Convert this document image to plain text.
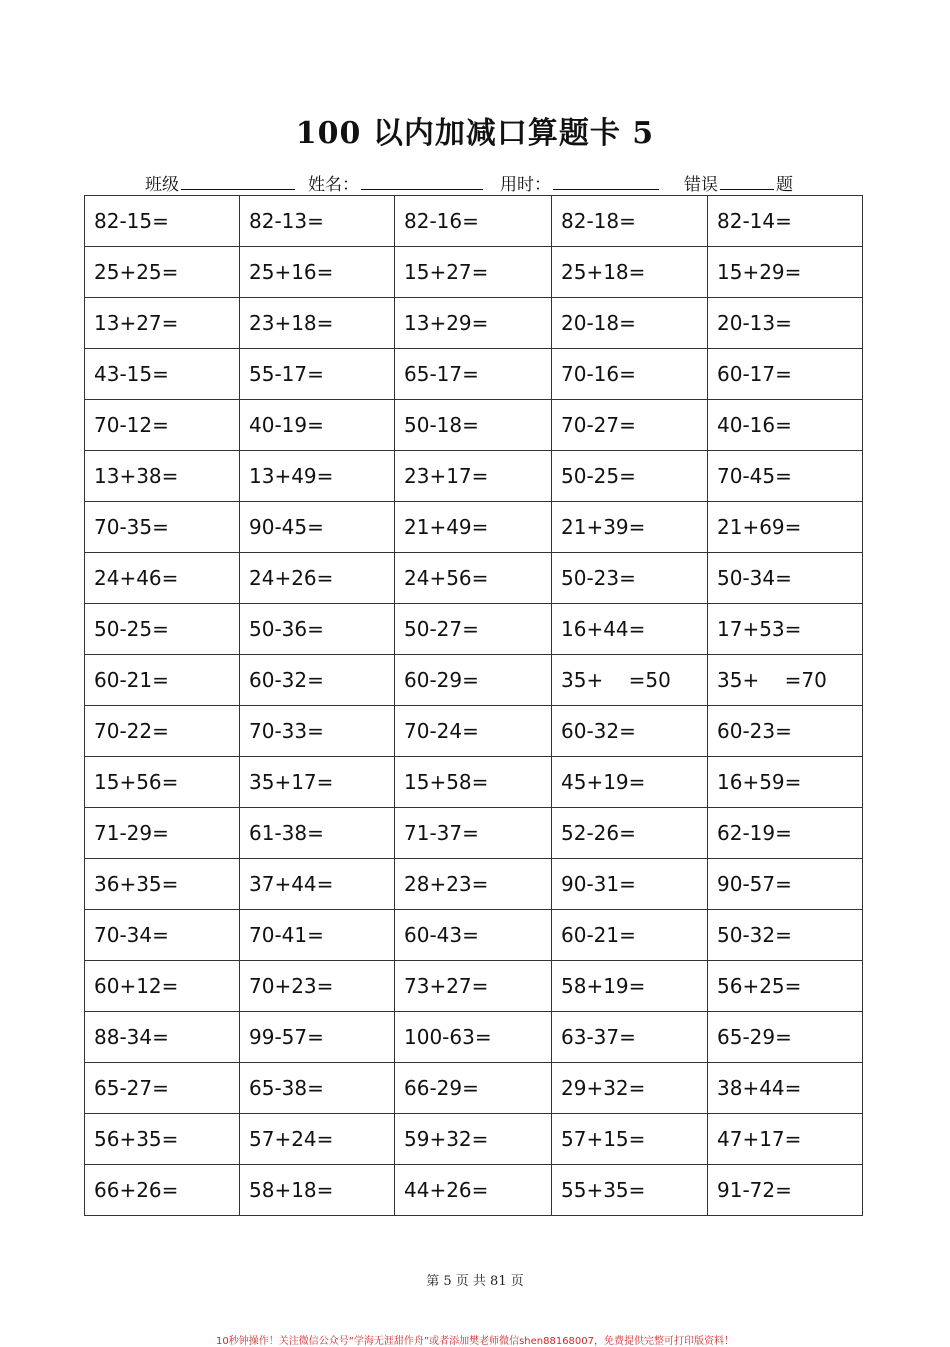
100 以内加减口算题卡 5
班级	姓名：	用时：	错误	题
82-15=	82-13=	82-16=	82-18=	82-14=
25+25=	25+16=	15+27=	25+18=	15+29=
13+27=	23+18=	13+29=	20-18=	20-13=
43-15=	55-17=	65-17=	70-16=	60-17=
70-12=	40-19=	50-18=	70-27=	40-16=
13+38=	13+49=	23+17=	50-25=	70-45=
70-35=	90-45=	21+49=	21+39=	21+69=
24+46=	24+26=	24+56=	50-23=	50-34=
50-25=	50-36=	50-27=	16+44=	17+53=
60-21=	60-32=	60-29=	35+    =50	35+    =70
70-22=	70-33=	70-24=	60-32=	60-23=
15+56=	35+17=	15+58=	45+19=	16+59=
71-29=	61-38=	71-37=	52-26=	62-19=
36+35=	37+44=	28+23=	90-31=	90-57=
70-34=	70-41=	60-43=	60-21=	50-32=
60+12=	70+23=	73+27=	58+19=	56+25=
88-34=	99-57=	100-63=	63-37=	65-29=
65-27=	65-38=	66-29=	29+32=	38+44=
56+35=	57+24=	59+32=	57+15=	47+17=
66+26=	58+18=	44+26=	55+35=	91-72=
第 5 页 共 81 页
10秒钟操作！关注微信公众号“学海无涯甜作舟”或者添加樊老师微信shen88168007，免费提供完整可打印版资料！
